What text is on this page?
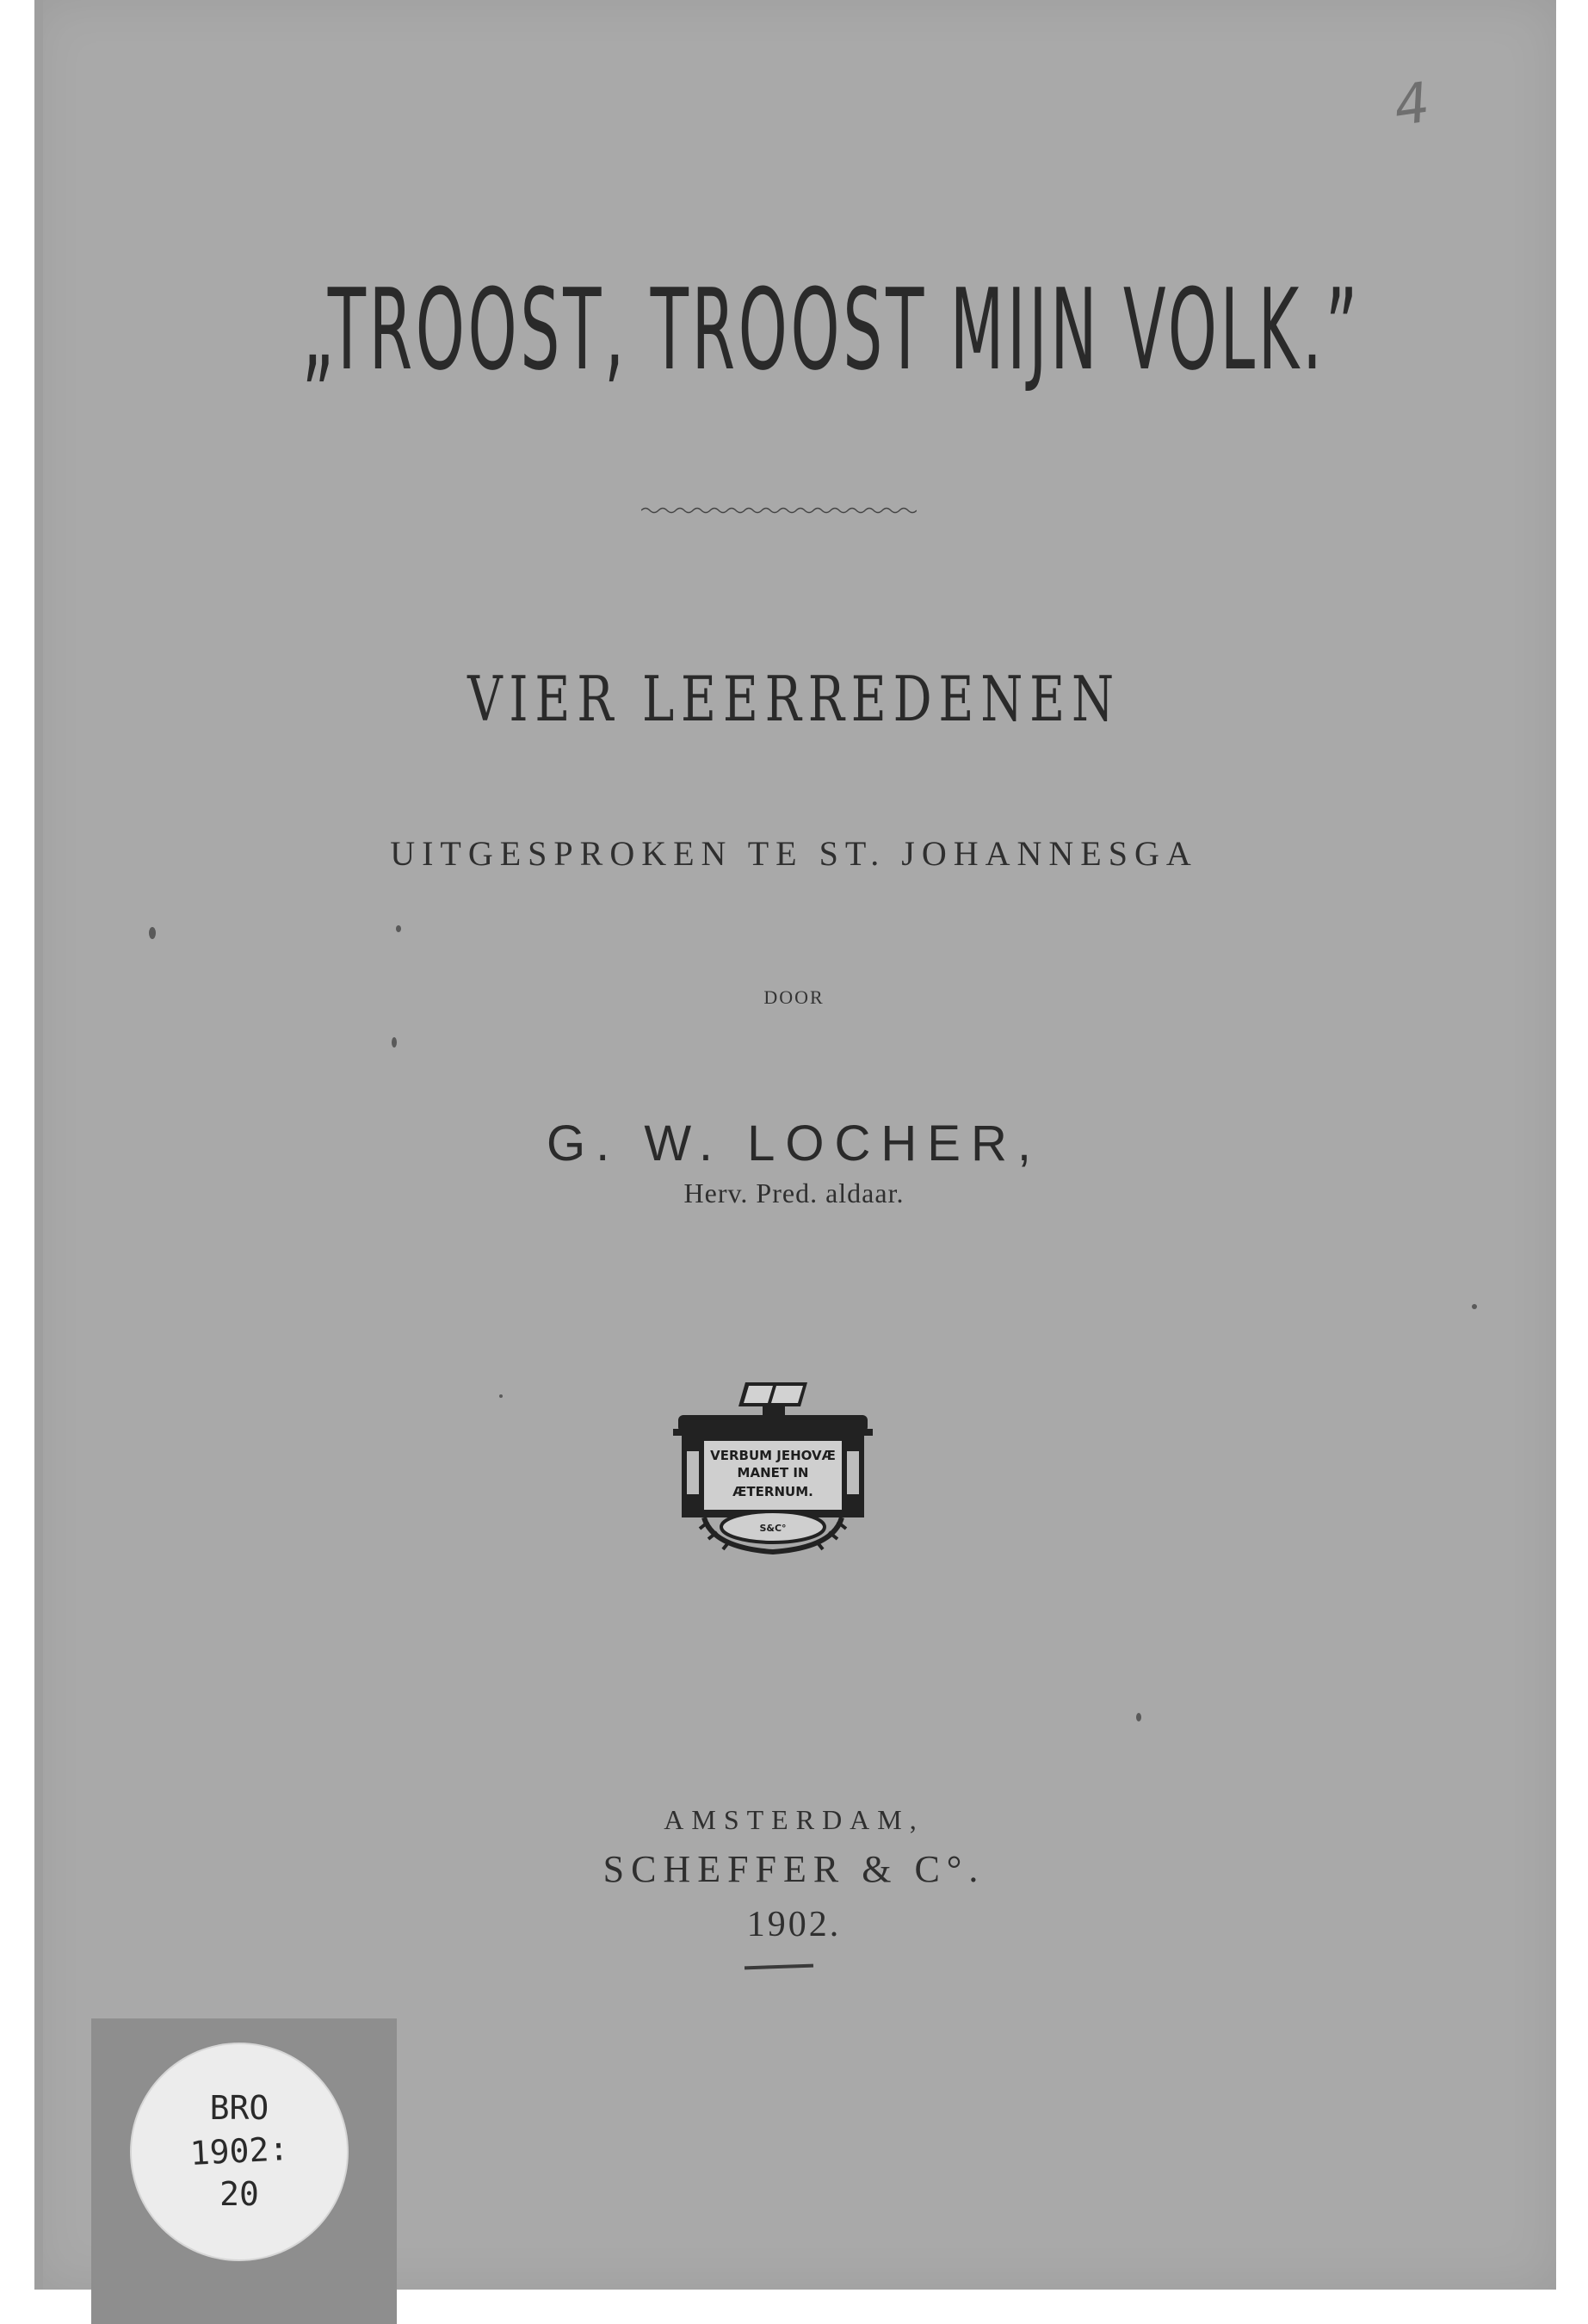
4
„TROOST, TROOST MIJN VOLK.”
VIER LEERREDENEN
UITGESPROKEN TE ST. JOHANNESGA
DOOR
G. W. LOCHER,
Herv. Pred. aldaar.
VERBUM JEHOVÆ
MANET IN
ÆTERNUM.
S&C°
AMSTERDAM,
SCHEFFER & C°.
1902.
BRO
1902:
20
